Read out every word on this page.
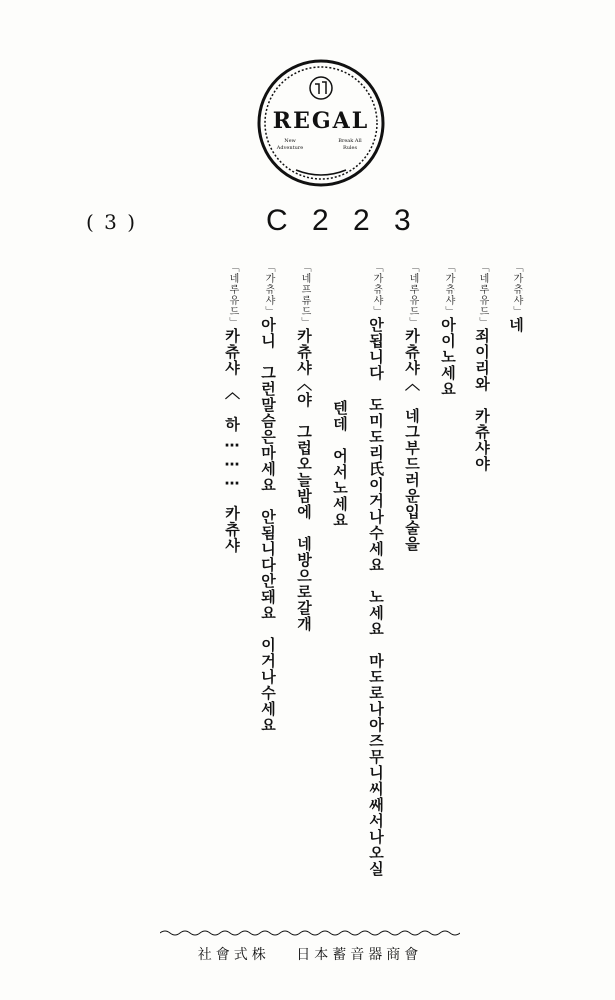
REGAL
New
Adventure
Break All
Rules
( 3 )	C 2 2 3
「가츄샤」네
「네루유드」죄이리와　카츄샤야
「가츄샤」아이노세요
「네루유드」카츄샤〈　네그부드러운입술을
「가츄샤」안됩니다　도미도리氏이거나수세요　노세요　마도로나아즈무니씨쌔서나오실
텐데　어서노세요
「네프류드」카츄샤〈야　그럽오늘밤에　네방으로갈개
「가츄샤」아니　그런말슴은마세요　안됨니다안돼요　이거나수세요
「네루유드」카츄샤　〈　하………　카츄샤
社會式株 　日本蓄音器商會
